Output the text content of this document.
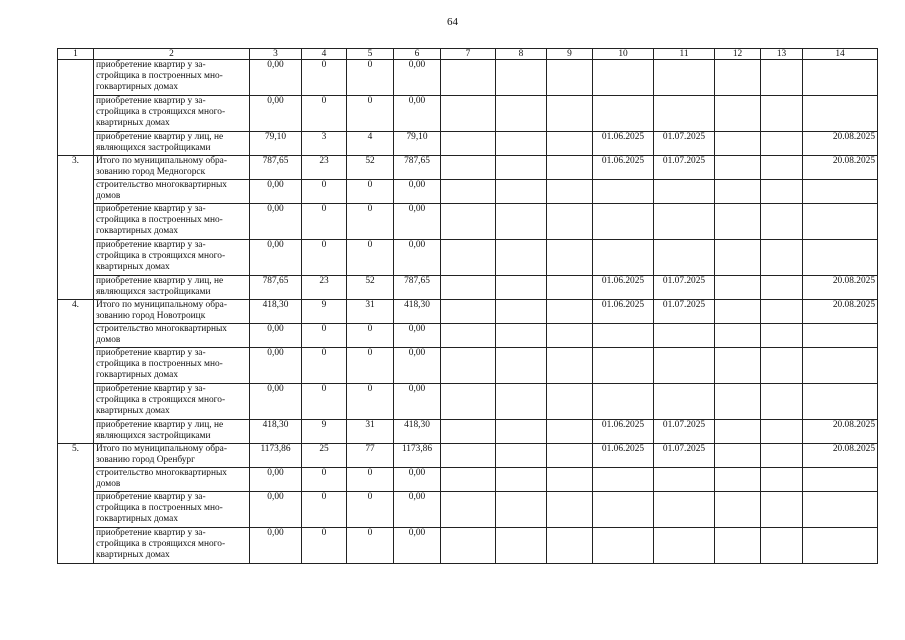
64
1	2	3	4	5	6	7	8	9	10	11	12	13	14
	приобретение квартир у за-стройщика в построенных мно-гоквартирных домах	0,00	0	0	0,00								
	приобретение квартир у за-стройщика в строящихся много-квартирных домах	0,00	0	0	0,00								
	приобретение квартир у лиц, не являющихся застройщиками	79,10	3	4	79,10				01.06.2025	01.07.2025			20.08.2025
3.	Итого по муниципальному обра-зованию город Медногорск	787,65	23	52	787,65				01.06.2025	01.07.2025			20.08.2025
	строительство многоквартирных домов	0,00	0	0	0,00								
	приобретение квартир у за-стройщика в построенных мно-гоквартирных домах	0,00	0	0	0,00								
	приобретение квартир у за-стройщика в строящихся много-квартирных домах	0,00	0	0	0,00								
	приобретение квартир у лиц, не являющихся застройщиками	787,65	23	52	787,65				01.06.2025	01.07.2025			20.08.2025
4.	Итого по муниципальному обра-зованию город Новотроицк	418,30	9	31	418,30				01.06.2025	01.07.2025			20.08.2025
	строительство многоквартирных домов	0,00	0	0	0,00								
	приобретение квартир у за-стройщика в построенных мно-гоквартирных домах	0,00	0	0	0,00								
	приобретение квартир у за-стройщика в строящихся много-квартирных домах	0,00	0	0	0,00								
	приобретение квартир у лиц, не являющихся застройщиками	418,30	9	31	418,30				01.06.2025	01.07.2025			20.08.2025
5.	Итого по муниципальному обра-зованию город Оренбург	1173,86	25	77	1173,86				01.06.2025	01.07.2025			20.08.2025
	строительство многоквартирных домов	0,00	0	0	0,00								
	приобретение квартир у за-стройщика в построенных мно-гоквартирных домах	0,00	0	0	0,00								
	приобретение квартир у за-стройщика в строящихся много-квартирных домах	0,00	0	0	0,00								
